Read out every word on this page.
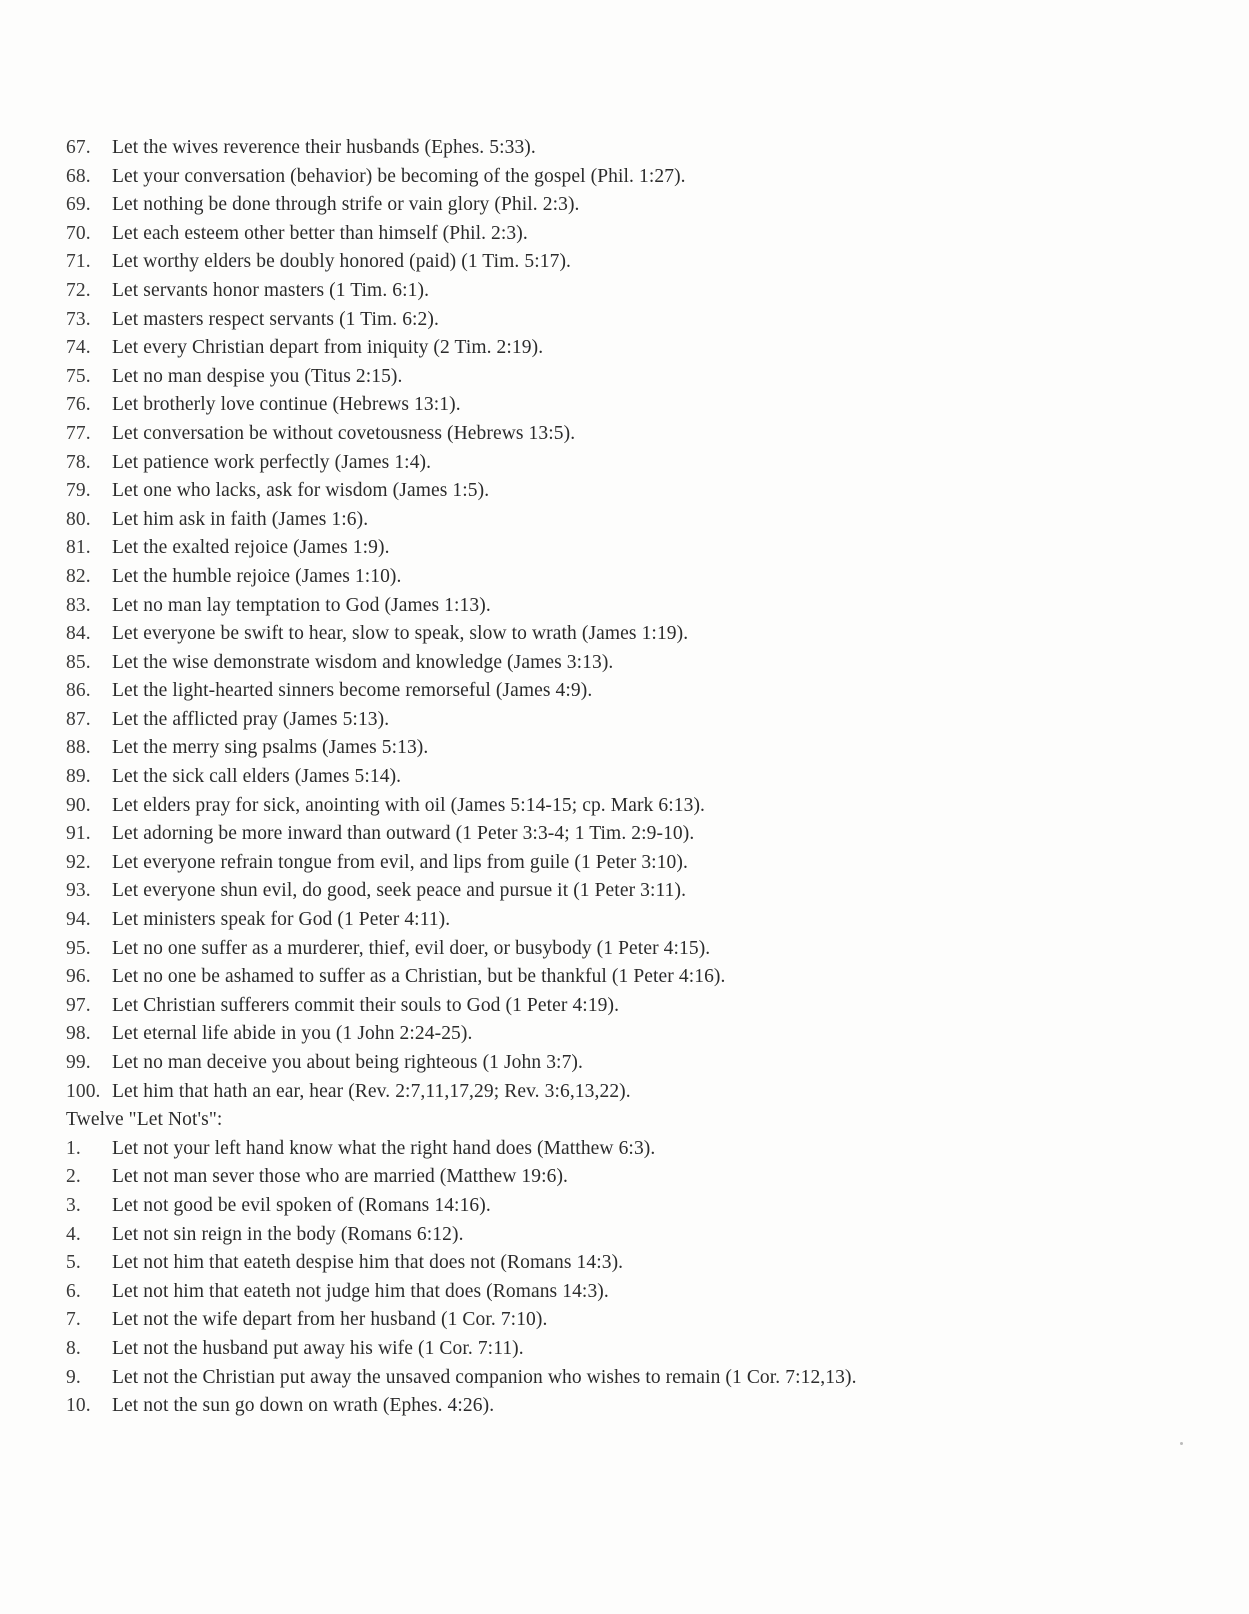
67.	Let the wives reverence their husbands (Ephes. 5:33).
68.	Let your conversation (behavior) be becoming of the gospel (Phil. 1:27).
69.	Let nothing be done through strife or vain glory (Phil. 2:3).
70.	Let each esteem other better than himself (Phil. 2:3).
71.	Let worthy elders be doubly honored (paid) (1 Tim. 5:17).
72.	Let servants honor masters (1 Tim. 6:1).
73.	Let masters respect servants (1 Tim. 6:2).
74.	Let every Christian depart from iniquity (2 Tim. 2:19).
75.	Let no man despise you (Titus 2:15).
76.	Let brotherly love continue (Hebrews 13:1).
77.	Let conversation be without covetousness (Hebrews 13:5).
78.	Let patience work perfectly (James 1:4).
79.	Let one who lacks, ask for wisdom (James 1:5).
80.	Let him ask in faith (James 1:6).
81.	Let the exalted rejoice (James 1:9).
82.	Let the humble rejoice (James 1:10).
83.	Let no man lay temptation to God (James 1:13).
84.	Let everyone be swift to hear, slow to speak, slow to wrath (James 1:19).
85.	Let the wise demonstrate wisdom and knowledge (James 3:13).
86.	Let the light-hearted sinners become remorseful (James 4:9).
87.	Let the afflicted pray (James 5:13).
88.	Let the merry sing psalms (James 5:13).
89.	Let the sick call elders (James 5:14).
90.	Let elders pray for sick, anointing with oil (James 5:14-15; cp. Mark 6:13).
91.	Let adorning be more inward than outward (1 Peter 3:3-4; 1 Tim. 2:9-10).
92.	Let everyone refrain tongue from evil, and lips from guile (1 Peter 3:10).
93.	Let everyone shun evil, do good, seek peace and pursue it (1 Peter 3:11).
94.	Let ministers speak for God (1 Peter 4:11).
95.	Let no one suffer as a murderer, thief, evil doer, or busybody (1 Peter 4:15).
96.	Let no one be ashamed to suffer as a Christian, but be thankful (1 Peter 4:16).
97.	Let Christian sufferers commit their souls to God (1 Peter 4:19).
98.	Let eternal life abide in you (1 John 2:24-25).
99.	Let no man deceive you about being righteous (1 John 3:7).
100. Let him that hath an ear, hear (Rev. 2:7,11,17,29; Rev. 3:6,13,22).
Twelve "Let Not's":
1.	Let not your left hand know what the right hand does (Matthew 6:3).
2.	Let not man sever those who are married (Matthew 19:6).
3.	Let not good be evil spoken of (Romans 14:16).
4.	Let not sin reign in the body (Romans 6:12).
5.	Let not him that eateth despise him that does not (Romans 14:3).
6.	Let not him that eateth not judge him that does (Romans 14:3).
7.	Let not the wife depart from her husband (1 Cor. 7:10).
8.	Let not the husband put away his wife (1 Cor. 7:11).
9.	Let not the Christian put away the unsaved companion who wishes to remain (1 Cor. 7:12,13).
10.	Let not the sun go down on wrath (Ephes. 4:26).
